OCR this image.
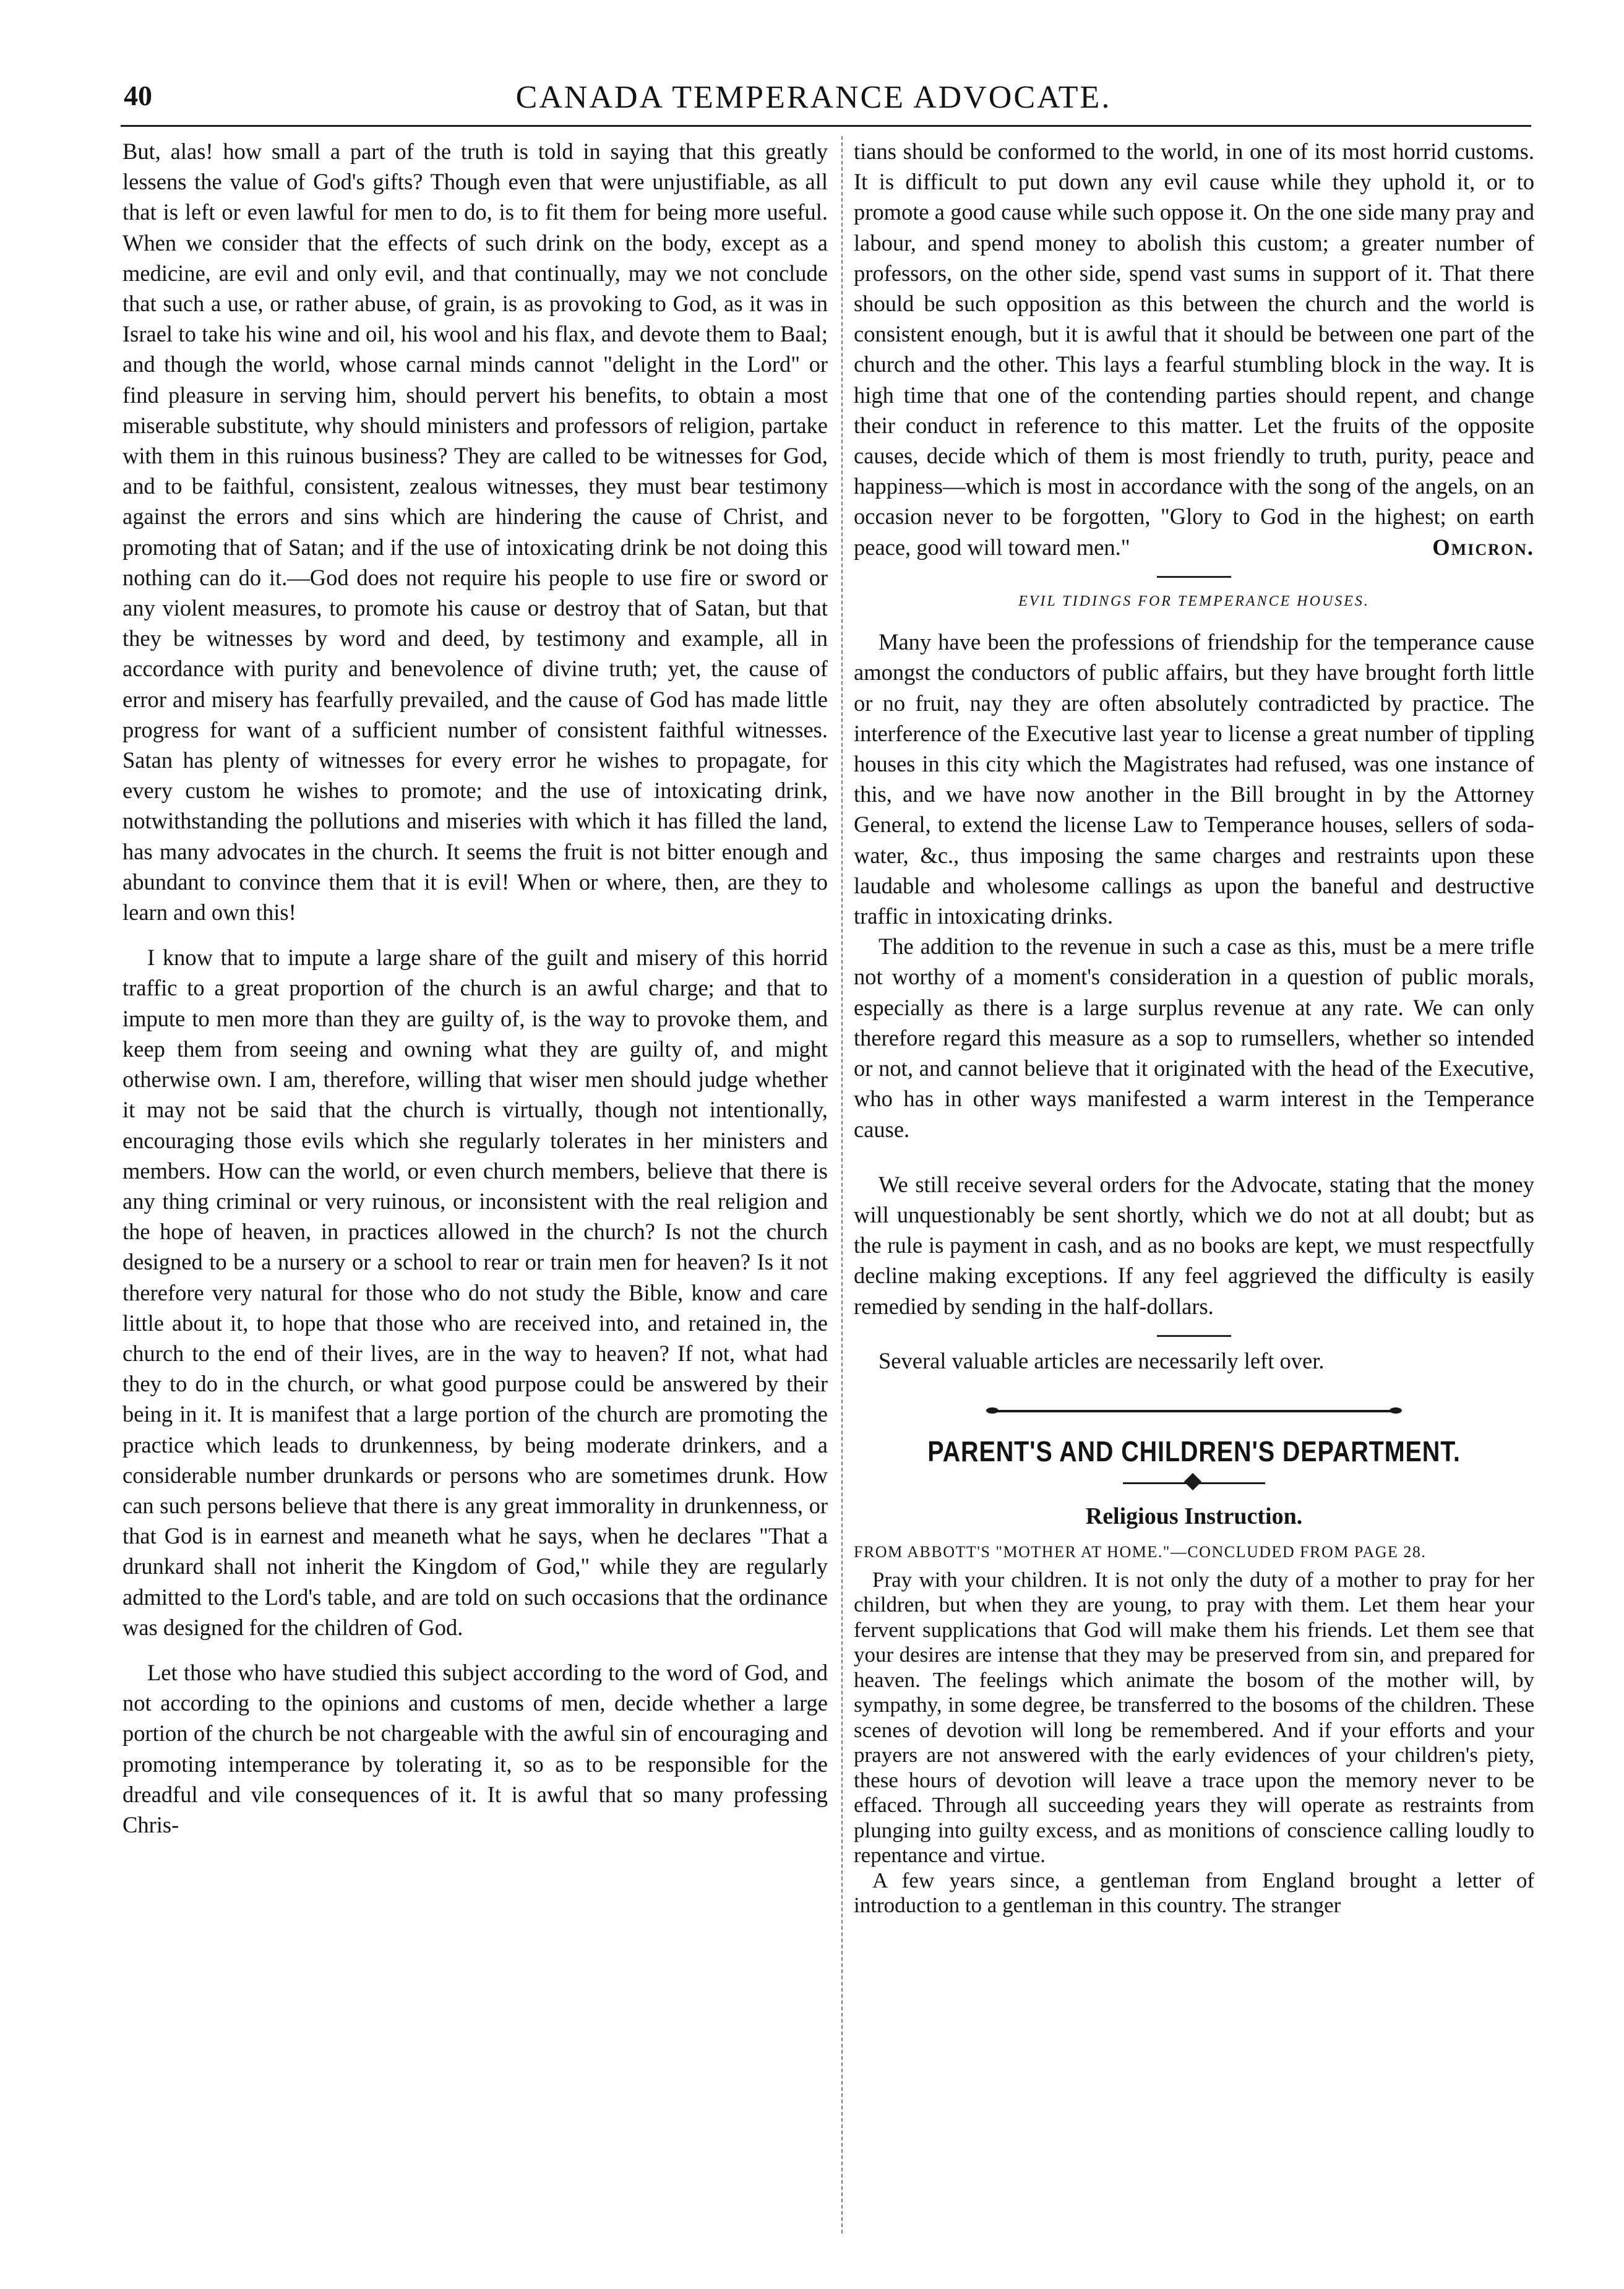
40	CANADA TEMPERANCE ADVOCATE.

But, alas! how small a part of the truth is told in saying that this greatly lessens the value of God's gifts? Though even that were unjustifiable, as all that is left or even lawful for men to do, is to fit them for being more useful. When we consider that the effects of such drink on the body, except as a medicine, are evil and only evil, and that continually, may we not conclude that such a use, or rather abuse, of grain, is as provoking to God, as it was in Israel to take his wine and oil, his wool and his flax, and devote them to Baal; and though the world, whose carnal minds cannot "delight in the Lord" or find pleasure in serving him, should pervert his benefits, to obtain a most miserable substitute, why should ministers and professors of religion, partake with them in this ruinous business? They are called to be witnesses for God, and to be faithful, consistent, zealous witnesses, they must bear testimony against the errors and sins which are hindering the cause of Christ, and promoting that of Satan; and if the use of intoxicating drink be not doing this nothing can do it.—God does not require his people to use fire or sword or any violent measures, to promote his cause or destroy that of Satan, but that they be witnesses by word and deed, by testimony and example, all in accordance with purity and benevolence of divine truth; yet, the cause of error and misery has fearfully prevailed, and the cause of God has made little progress for want of a sufficient number of consistent faithful witnesses. Satan has plenty of witnesses for every error he wishes to propagate, for every custom he wishes to promote; and the use of intoxicating drink, notwithstanding the pollutions and miseries with which it has filled the land, has many advocates in the church. It seems the fruit is not bitter enough and abundant to convince them that it is evil! When or where, then, are they to learn and own this!

I know that to impute a large share of the guilt and misery of this horrid traffic to a great proportion of the church is an awful charge; and that to impute to men more than they are guilty of, is the way to provoke them, and keep them from seeing and owning what they are guilty of, and might otherwise own. I am, therefore, willing that wiser men should judge whether it may not be said that the church is virtually, though not intentionally, encouraging those evils which she regularly tolerates in her ministers and members. How can the world, or even church members, believe that there is any thing criminal or very ruinous, or inconsistent with the real religion and the hope of heaven, in practices allowed in the church? Is not the church designed to be a nursery or a school to rear or train men for heaven? Is it not therefore very natural for those who do not study the Bible, know and care little about it, to hope that those who are received into, and retained in, the church to the end of their lives, are in the way to heaven? If not, what had they to do in the church, or what good purpose could be answered by their being in it. It is manifest that a large portion of the church are promoting the practice which leads to drunkenness, by being moderate drinkers, and a considerable number drunkards or persons who are sometimes drunk. How can such persons believe that there is any great immorality in drunkenness, or that God is in earnest and meaneth what he says, when he declares "That a drunkard shall not inherit the Kingdom of God," while they are regularly admitted to the Lord's table, and are told on such occasions that the ordinance was designed for the children of God.

Let those who have studied this subject according to the word of God, and not according to the opinions and customs of men, decide whether a large portion of the church be not chargeable with the awful sin of encouraging and promoting intemperance by tolerating it, so as to be responsible for the dreadful and vile consequences of it. It is awful that so many professing Chris-

tians should be conformed to the world, in one of its most horrid customs. It is difficult to put down any evil cause while they uphold it, or to promote a good cause while such oppose it. On the one side many pray and labour, and spend money to abolish this custom; a greater number of professors, on the other side, spend vast sums in support of it. That there should be such opposition as this between the church and the world is consistent enough, but it is awful that it should be between one part of the church and the other. This lays a fearful stumbling block in the way. It is high time that one of the contending parties should repent, and change their conduct in reference to this matter. Let the fruits of the opposite causes, decide which of them is most friendly to truth, purity, peace and happiness—which is most in accordance with the song of the angels, on an occasion never to be forgotten, "Glory to God in the highest; on earth peace, good will toward men."	Omicron.
EVIL TIDINGS FOR TEMPERANCE HOUSES.

Many have been the professions of friendship for the temperance cause amongst the conductors of public affairs, but they have brought forth little or no fruit, nay they are often absolutely contradicted by practice. The interference of the Executive last year to license a great number of tippling houses in this city which the Magistrates had refused, was one instance of this, and we have now another in the Bill brought in by the Attorney General, to extend the license Law to Temperance houses, sellers of soda-water, &c., thus imposing the same charges and restraints upon these laudable and wholesome callings as upon the baneful and destructive traffic in intoxicating drinks.

The addition to the revenue in such a case as this, must be a mere trifle not worthy of a moment's consideration in a question of public morals, especially as there is a large surplus revenue at any rate. We can only therefore regard this measure as a sop to rumsellers, whether so intended or not, and cannot believe that it originated with the head of the Executive, who has in other ways manifested a warm interest in the Temperance cause.

We still receive several orders for the Advocate, stating that the money will unquestionably be sent shortly, which we do not at all doubt; but as the rule is payment in cash, and as no books are kept, we must respectfully decline making exceptions. If any feel aggrieved the difficulty is easily remedied by sending in the half-dollars.

Several valuable articles are necessarily left over.

PARENT'S AND CHILDREN'S DEPARTMENT.
Religious Instruction.

FROM ABBOTT'S "MOTHER AT HOME."—CONCLUDED FROM PAGE 28.

Pray with your children. It is not only the duty of a mother to pray for her children, but when they are young, to pray with them. Let them hear your fervent supplications that God will make them his friends. Let them see that your desires are intense that they may be preserved from sin, and prepared for heaven. The feelings which animate the bosom of the mother will, by sympathy, in some degree, be transferred to the bosoms of the children. These scenes of devotion will long be remembered. And if your efforts and your prayers are not answered with the early evidences of your children's piety, these hours of devotion will leave a trace upon the memory never to be effaced. Through all succeeding years they will operate as restraints from plunging into guilty excess, and as monitions of conscience calling loudly to repentance and virtue.

A few years since, a gentleman from England brought a letter of introduction to a gentleman in this country. The stranger
